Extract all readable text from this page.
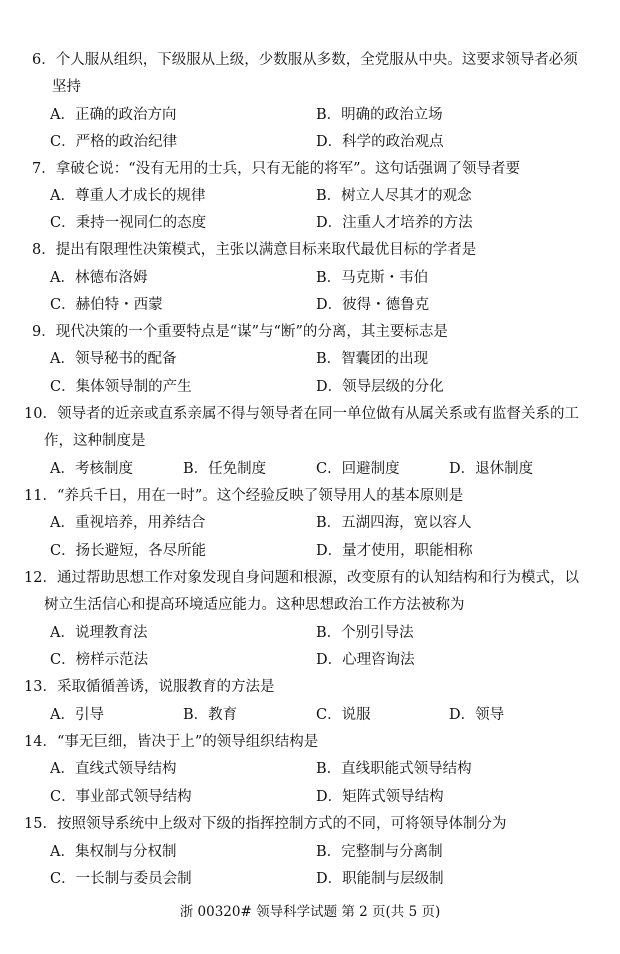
6．个人服从组织，下级服从上级，少数服从多数，全党服从中央。这要求领导者必须
坚持
A．正确的政治方向	B．明确的政治立场
C．严格的政治纪律	D．科学的政治观点
7．拿破仑说：“没有无用的士兵，只有无能的将军”。这句话强调了领导者要
A．尊重人才成长的规律	B．树立人尽其才的观念
C．秉持一视同仁的态度	D．注重人才培养的方法
8．提出有限理性决策模式，主张以满意目标来取代最优目标的学者是
A．林德布洛姆	B．马克斯・韦伯
C．赫伯特・西蒙	D．彼得・德鲁克
9．现代决策的一个重要特点是“谋”与“断”的分离，其主要标志是
A．领导秘书的配备	B．智囊团的出现
C．集体领导制的产生	D．领导层级的分化
10．领导者的近亲或直系亲属不得与领导者在同一单位做有从属关系或有监督关系的工
作，这种制度是
A．考核制度	B．任免制度	C．回避制度	D．退休制度
11．“养兵千日，用在一时”。这个经验反映了领导用人的基本原则是
A．重视培养，用养结合	B．五湖四海，宽以容人
C．扬长避短，各尽所能	D．量才使用，职能相称
12．通过帮助思想工作对象发现自身问题和根源，改变原有的认知结构和行为模式，以
树立生活信心和提高环境适应能力。这种思想政治工作方法被称为
A．说理教育法	B．个别引导法
C．榜样示范法	D．心理咨询法
13．采取循循善诱，说服教育的方法是
A．引导	B．教育	C．说服	D．领导
14．“事无巨细，皆决于上”的领导组织结构是
A．直线式领导结构	B．直线职能式领导结构
C．事业部式领导结构	D．矩阵式领导结构
15．按照领导系统中上级对下级的指挥控制方式的不同，可将领导体制分为
A．集权制与分权制	B．完整制与分离制
C．一长制与委员会制	D．职能制与层级制
浙 00320# 领导科学试题 第 2 页(共 5 页)
